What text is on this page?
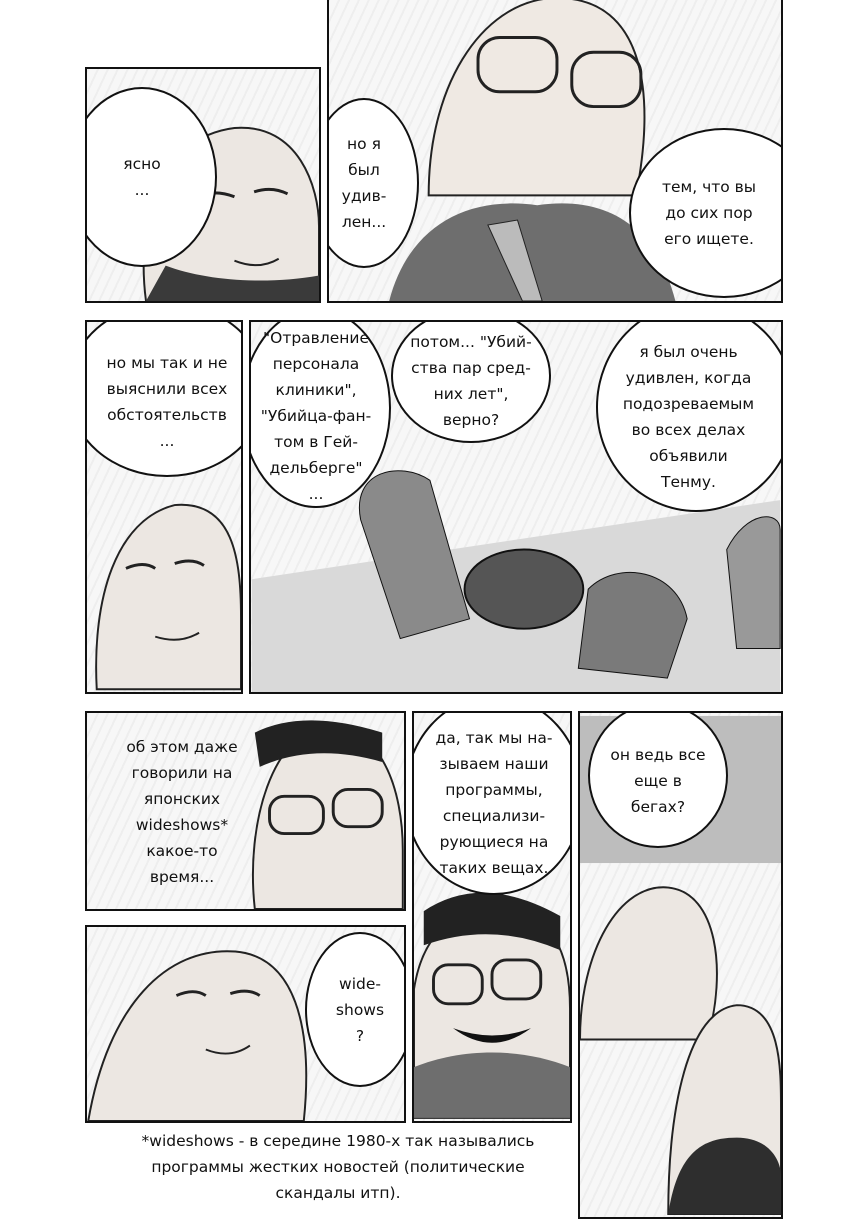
ясно
...
но я
был
удив-
лен...
тем, что вы
до сих пор
его ищете.
но мы так и не
выяснили всех
обстоятельств
...
"Отравление
персонала
клиники",
"Убийца-фан-
том в Гей-
дельберге"
...
потом... "Убий-
ства пар сред-
них лет",
верно?
я был очень
удивлен, когда
подозреваемым
во всех делах
объявили
Тенму.
об этом даже
говорили на
японских
wideshows*
какое-то
время...
да, так мы на-
зываем наши
программы,
специализи-
рующиеся на
таких вещах.
он ведь все
еще в
бегах?
wide-
shows
?
*wideshows - в середине 1980-х так назывались
программы жестких новостей (политические
скандалы итп).
